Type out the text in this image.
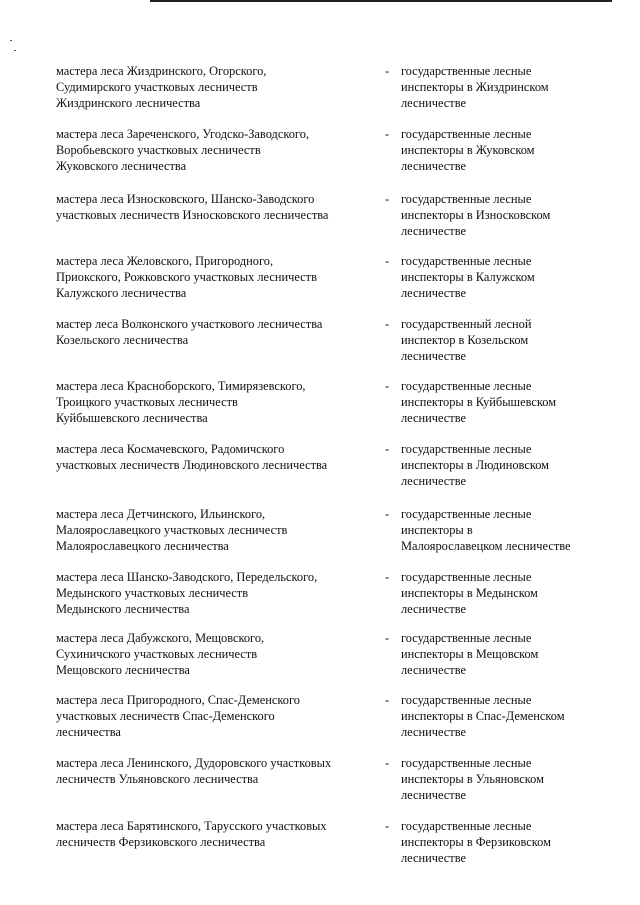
мастера леса Жиздринского, Огорского,
Судимирского участковых лесничеств
Жиздринского лесничества
- государственные лесные
инспекторы в Жиздринском
лесничестве
мастера леса Зареченского, Угодско-Заводского,
Воробьевского участковых лесничеств
Жуковского лесничества
- государственные лесные
инспекторы в Жуковском
лесничестве
мастера леса Износковского, Шанско-Заводского
участковых лесничеств Износковского лесничества
- государственные лесные
инспекторы в Износковском
лесничестве
мастера леса Желовского, Пригородного,
Приокского, Рожковского участковых лесничеств
Калужского лесничества
- государственные лесные
инспекторы в Калужском
лесничестве
мастер леса Волконского участкового лесничества
Козельского лесничества
- государственный лесной
инспектор в Козельском
лесничестве
мастера леса Красноборского, Тимирязевского,
Троицкого участковых лесничеств
Куйбышевского лесничества
- государственные лесные
инспекторы в Куйбышевском
лесничестве
мастера леса Космачевского, Радомичского
участковых лесничеств Людиновского лесничества
- государственные лесные
инспекторы в Людиновском
лесничестве
мастера леса Детчинского, Ильинского,
Малоярославецкого участковых лесничеств
Малоярославецкого лесничества
- государственные лесные
инспекторы в
Малоярославецком лесничестве
мастера леса Шанско-Заводского, Передельского,
Медынского участковых лесничеств
Медынского лесничества
- государственные лесные
инспекторы в Медынском
лесничестве
мастера леса Дабужского, Мещовского,
Сухиничского участковых лесничеств
Мещовского лесничества
- государственные лесные
инспекторы в Мещовском
лесничестве
мастера леса Пригородного, Спас-Деменского
участковых лесничеств Спас-Деменского
лесничества
- государственные лесные
инспекторы в Спас-Деменском
лесничестве
мастера леса Ленинского, Дудоровского участковых
лесничеств Ульяновского лесничества
- государственные лесные
инспекторы в Ульяновском
лесничестве
мастера леса Барятинского, Тарусского участковых
лесничеств Ферзиковского лесничества
- государственные лесные
инспекторы в Ферзиковском
лесничестве
